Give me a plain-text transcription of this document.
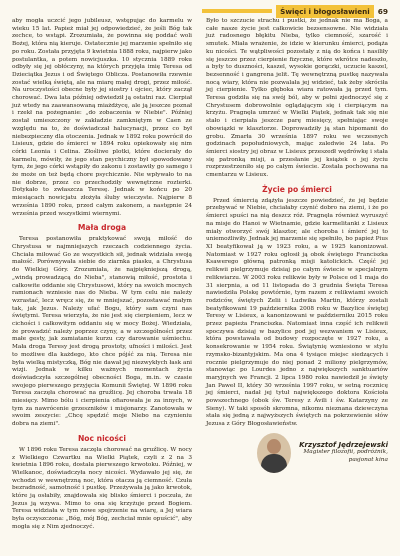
Święci i błogosławieni	69

aby mogła uczcić jego jubileusz, wstępując do karmelu w wieku 15 lat. Papież miał jej odpowiedzieć, że jeśli Bóg tak zechce, to wstąpi. Zrozumiała, że powinna się poddać woli Bożej, która nią kieruje. Ostatecznie jej marzenie spełniło się po roku. Została przyjęta 9 kwietnia 1888 roku, najpierw jako postulantka, a potem nowicjuszka. 10 stycznia 1889 roku odbyły się jej obłóczyny, na których przyjęła imię Teresa od Dzieciątka Jezus i od Świętego Oblicza. Postanowiła rzewnie zostać wielką świętą, ale na miarę małej drogi, przez miłość. Na uroczystości obecne były jej siostry i ojciec, który zaczął chorować. Dwa lata później odwiedził ją ostatni raz. Cierpiał już wtedy na zaawansowaną miażdżycę, ale ją jeszcze poznał i rzekł na pożegnanie: „do zobaczenia w Niebie". Później został umieszczony w zakładzie zamkniętym w Caen ze względu na to, że doświadczał halucynacji, przez co był niebezpieczny dla otoczenia. Jednak w 1892 roku powrócił do Lisieux, gdzie do śmierci w 1894 roku opiekowały się nim córki Leonia i Celina. Złośliwe plotki, które docierały do karmelu, mówiły, że jego stan psychiczny był spowodowany tym, że jego córki wstąpiły do zakonu i zostawiły go samego i że może on też będą chore psychicznie. Nie wpływało to na nie dobrze, przez co przechodziły wewnętrzne rozterki. Dotykało to zwłaszcza Teresę. Jednak w końcu po 20 miesiącach nowicjatu złożyła śluby wieczyste. Najpierw 8 września 1890 roku, przed całym zakonem, a następnie 24 września przed wszystkimi wiernymi.

Mała droga

Teresa postanowiła praktykować swoją miłość do Chrystusa w najmniejszych rzeczach codziennego życia. Chciała miłować Go ze wszystkich sił, jednak widziała swoją małość. Porównywała siebie do ziarnka piasku, a Chrystusa do Wielkiej Góry. Zrozumiała, że najpiękniejszą drogą, „windą prowadzącą do Nieba", stanowią miłość, prostota i całkowite oddanie się Chrystusowi, który na swoich mocnych ramionach wzniesie nas do Nieba. W tym celu nie należy wzrastać, lecz wręcz się, że w mniejszać, pozostawać małym tak, jak Jezus. Należy ufać Bogu, który sam czyni nas świętymi. Teresa wierzyła, że nie jest się cierpieniem, lecz w cichości i całkowitym oddaniu się w mocy Bożej. Wiedziała, że prowadzić należy poprzez czyny, a w szczególności przez małe gesty, jak zamiatanie kurzu czy darowanie uśmiechu. Mała droga Teresy jest drogą prostoty, ufności i miłości. Jest to możliwe dla każdego, kto chce pójść za nią. Teresa nie była wielką mistyczką, Bóg nie dawał jej niezwykłych łask ani wizji. Jednak w kilku ważnych momentach życia doświadczyła szczególnej obecności Boga, m.in. w czasie swojego pierwszego przyjęcia Komunii Świętej. W 1896 roku Teresa zaczęła chorować na gruźlicę. Jej choroba trwała 18 miesięcy. Mimo bólu i cierpienia ofiarowała je za innych, w tym za nawrócenie grzeszników i misjonarzy. Zanotowała w swoim zeszycie: „Chcę spędzić moje Niebo na czynieniu dobra na ziemi".

Noc nicości

W 1896 roku Teresa zaczęła chorować na gruźlicę. W nocy z Wielkiego Czwartku na Wielki Piątek, czyli z 2 na 3 kwietnia 1896 roku, dostała pierwszego krwotoku. Później, w Wielkanoc, doświadczyła nocy nicości. Wydawało jej się, że wchodzi w wewnętrzną noc, która otacza ją ciemność. Czuła bezradność, samotność i pustkę. Przeżywała ją jako krwotok, które ją osłabiły, znajdowała się blisko śmierci i poczuła, że Jezus ją wzywa. Mimo to ona się krzyżuje przed Bogiem. Teresa widziała w tym nowe spojrzenie na wiarę, a Jej wiara była oczyszczona: „Bóg, mój Bóg, zechciał mnie opuścić", aby mogła się z Nim zjednoczyć.

Było to szczucie strachu i pustki, że jednak nie ma Boga, a całe nasze życie jest całkowicie bezsensowne. Nie widziała już radosnego błękitu Nieba, tylko ciemność, szarość i smutek. Miała wrażenie, że idzie w kierunku śmierci, podąża ku nicości. Te wątpliwości pozostały z nią do końca i nasiliły się jeszcze przez cierpienie fizyczne, które wkrótce nadeszło, a były to duszności, kaszel, wysokie gorączki, uczucie kaszel, bezsenność i gangrena jelit. Tę wewnętrzną pustkę nazywała nocą wiary, która nie pozwalała jej widzieć, tak żeby skróciła jej cierpienie. Tylko głęboka wiara ratowała ją przed tym. Teresa godziła się na swój ból, aby w pełni zjednoczyć się z Chrystusem dobrowolnie oglądającym się i cierpiącym na krzyżu. Pragnęła umrzeć w Wielki Piątek, jednak tak się nie stało i cierpiała jeszcze parę miesięcy, spełniając swoje obowiązki w klasztorze. Doprowadziły ją stan hipomanii do grobu. Zmarła 30 września 1897 roku we wczesnych godzinach popołudniowych, mając zaledwie 24 lata. Po śmierci siostry jej obraz w Lisieux przeszedł wędrówkę i stała się patronką misji, a przesłanie jej książek o jej życiu rozprzestrzeniło się po całym świecie. Została pochowana na cmentarzu w Lisieux.

Życie po śmierci

Przed śmiercią zdążyła jeszcze powiedzieć, że jej będzie przebywać w Niebie, chciałaby czynić dobro na ziemi, i że po śmierci spuści na nią deszcz róż. Pragnęła również wyruszyć na misje do Hanoi w Wietnamie, gdzie karmelitanki z Lisieux miały otworzyć swój klasztor, ale choroba i śmierć jej to uniemożliwiły. Jednak jej marzenie się spełniło, bo papież Pius XI beatyfikował ją w 1923 roku, a w 1925 kanonizował. Natomiast w 1927 roku ogłosił ją obok świętego Franciszka Ksawerego główną patronką misji katolickich. Część jej relikwii pielgrzymuje dzisiaj po całym świecie w specjalnym relikwiarzu. W 2003 roku relikwie były w Polsce od 1 maja do 31 sierpnia, a od 11 listopada do 3 grudnia Święta Teresa nawiedziła Polskę powtórnie, tym razem z relikwiami swoich rodziców, świętych Zelii i Ludwika Martin, którzy zostali beatyfikowani 19 października 2008 roku w Bazylice świętej Teresy w Lisieux, a kanonizowani w październiku 2015 roku przez papieża Franciszka. Natomiast inna część ich relikwii spoczywa dzisiaj w bazylice pod jej wezwaniem w Lisieux, która powstawała od budowy rozpoczęte w 1927 roku, a konsekrowanie w 1954 roku. Świątynię wzniesiono w stylu rzymsko-bizantyjskim. Ma ona 4 tysiące miejsc siedzących i rocznie pielgrzymuje do niej ponad 2 miliony pielgrzymów, stanowiąc po Lourdes jedno z największych sanktuariów maryjnych we Francji. 2 lipca 1980 roku nawiedził je święty Jan Paweł II, który 30 września 1997 roku, w setną rocznicę jej śmierci, nadał jej tytuł największego doktora Kościoła powszechnego (obok św. Teresy z Ávili i św. Katarzyny ze Sieny). W taki sposób skromna, nikomu nieznana dziewczyna stała się jedną z najwyższych świętych na pokrzewienie słów Jezusa z Góry Błogosławieństw.

Krzysztof Jędrzejewski
Magister filozofii, podróżnik,
pasjonat kina
